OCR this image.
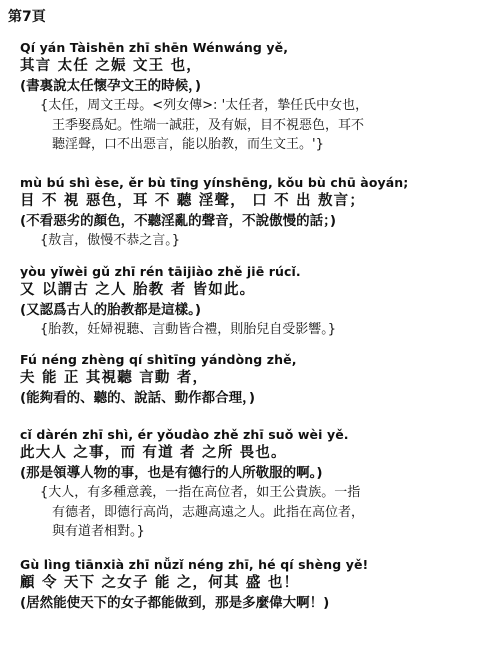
第7頁
Qí yán Tàishēn zhī shēn Wénwáng yě,
其言 太任 之娠 文王 也，
(書裏說太任懷孕文王的時候，)
{太任，周文王母。<列女傳>: '太任者，摯任氏中女也，
王季娶爲妃。性端一誠莊，及有娠，目不視惡色，耳不
聽淫聲，口不出惡言，能以胎教，而生文王。'}
mù bú shì èse, ěr bù tīng yínshēng, kǒu bù chū àoyán;
目 不 視 惡色，耳 不 聽 淫聲， 口 不 出 敖言；
(不看惡劣的顏色，不聽淫亂的聲音，不說傲慢的話；)
{敖言，傲慢不恭之言。}
yòu yǐwèi gǔ zhī rén tāijiào zhě jiē rúcǐ.
又 以謂古 之人 胎教 者 皆如此。
(又認爲古人的胎教都是這樣。)
{胎教，妊婦視聽、言動皆合禮，則胎兒自受影響。}
Fú néng zhèng qí shìtīng yándòng zhě,
夫 能 正 其視聽 言動 者，
(能夠看的、聽的、說話、動作都合理，)
cǐ dàrén zhī shì, ér yǒudào zhě zhī suǒ wèi yě.
此大人 之事，而 有道 者 之所 畏也。
(那是領導人物的事，也是有德行的人所敬服的啊。)
{大人，有多種意義，一指在高位者，如王公貴族。一指
有德者，即德行高尚，志趣高遠之人。此指在高位者，
與有道者相對。}
Gù lìng tiānxià zhī nǚzǐ néng zhī, hé qí shèng yě!
顧 令 天下 之女子 能 之，何其 盛 也！
(居然能使天下的女子都能做到，那是多麼偉大啊！)
